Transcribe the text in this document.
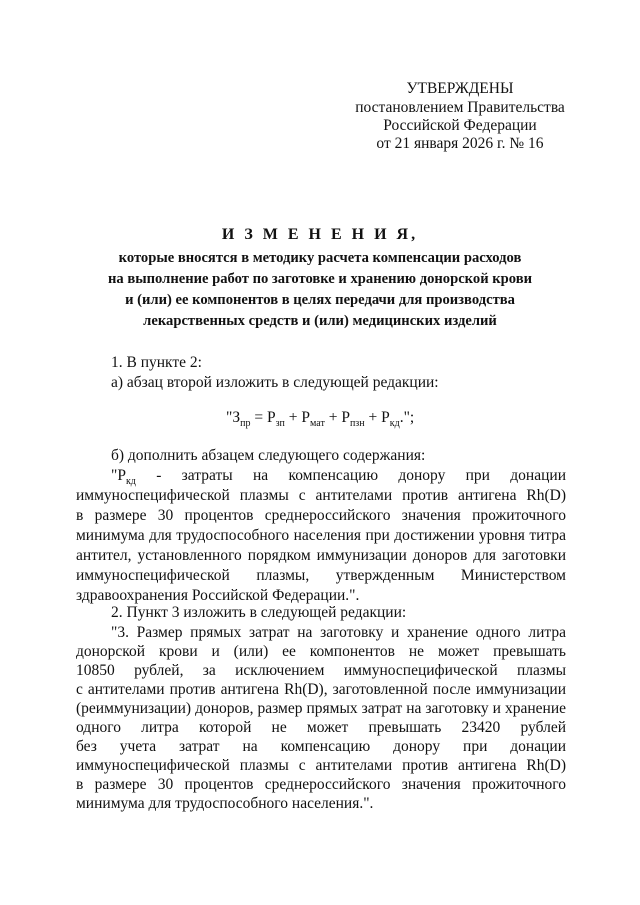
УТВЕРЖДЕНЫ
постановлением Правительства
Российской Федерации
от 21 января 2026 г. № 16
И З М Е Н Е Н И Я,
которые вносятся в методику расчета компенсации расходов
на выполнение работ по заготовке и хранению донорской крови
и (или) ее компонентов в целях передачи для производства
лекарственных средств и (или) медицинских изделий
1. В пункте 2:
а) абзац второй изложить в следующей редакции:
"$З_{пр} = Р_{зп} + Р_{мат} + Р_{пзн} + Р_{кд}$.";
б) дополнить абзацем следующего содержания:
"$Р_{кд}$ - затраты на компенсацию донору при донации
иммуноспецифической плазмы с антителами против антигена Rh(D)
в размере 30 процентов среднероссийского значения прожиточного
минимума для трудоспособного населения при достижении уровня титра
антител, установленного порядком иммунизации доноров для заготовки
иммуноспецифической плазмы, утвержденным Министерством
здравоохранения Российской Федерации.".
2. Пункт 3 изложить в следующей редакции:
"3. Размер прямых затрат на заготовку и хранение одного литра
донорской крови и (или) ее компонентов не может превышать
10850 рублей, за исключением иммуноспецифической плазмы
с антителами против антигена Rh(D), заготовленной после иммунизации
(реиммунизации) доноров, размер прямых затрат на заготовку и хранение
одного литра которой не может превышать 23420 рублей
без учета затрат на компенсацию донору при донации
иммуноспецифической плазмы с антителами против антигена Rh(D)
в размере 30 процентов среднероссийского значения прожиточного
минимума для трудоспособного населения.".
